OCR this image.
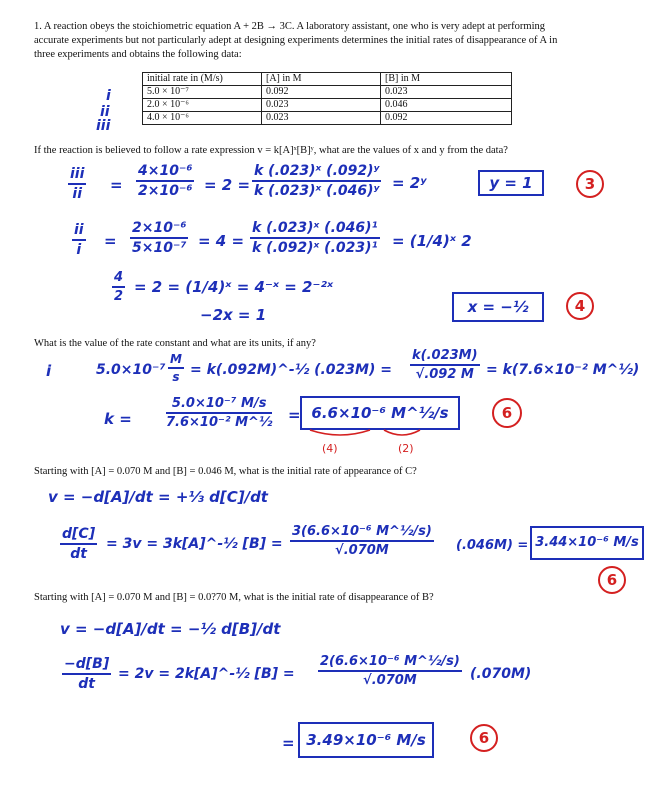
1. A reaction obeys the stoichiometric equation A + 2B → 3C. A laboratory assistant, one who is very adept at performing

accurate experiments but not particularly adept at designing experiments determines the initial rates of disappearance of A in

three experiments and obtains the following data:

i
ii
iii
initial rate in (M/s)	[A] in M	[B] in M
5.0 × 10⁻⁷	0.092	0.023
2.0 × 10⁻⁶	0.023	0.046
4.0 × 10⁻⁶	0.023	0.092

If the reaction is believed to follow a rate expression v = k[A]ˣ[B]ʸ, what are the values of x and y from the data?

iii
ii = $\frac{\text{4×10⁻⁶}}{\text{2×10⁻⁶}} = 2 = \frac{\text{k (.023)ˣ (.092)ʸ}}{\text{k (.023)ˣ (.046)ʸ}}$ = 2ʸ	y = 1	3
$\frac{ii}{i} = \frac{\text{2×10⁻⁶}}{\text{5×10⁻⁷}} = 4 = \frac{\text{k (.023)ˣ (.046)¹}}{\text{k (.092)ˣ (.023)¹}}$ = (1/4)ˣ 2
$\frac{4}{2} = 2$ = (1/4)ˣ = 4⁻ˣ = 2⁻²ˣ
−2x = 1	x = −½	4

What is the value of the rate constant and what are its units, if any?

i	$5.0\times 10^{-7} \frac{M}{s}$ = k(.092M)^-½ $(.023M) = \frac{k(.023M)}{√.092 M} = k(7.6\times 10^{-2}$ M^½)
k =	$\frac{\text{5.0×10⁻⁷ M/s}}{\text{7.6×10⁻² M\textasciicircum{}½}} = 6.6\times 10^{-6}$ M^½/s
(4)	(2)
6

Starting with [A] = 0.070 M and [B] = 0.046 M, what is the initial rate of appearance of C?

v = −d[A]/dt = +⅓ d[C]/dt
$\frac{d[C]}{dt} = 3v$ = 3k[A]^-½ $[B] = \frac{\text{3(6.6×10⁻⁶ M\textasciicircum{}½/s)}}{√.070M} (.046M) = 3.44\times 10^{-6}$ M/s
6

Starting with [A] = 0.070 M and [B] = 0.0?70 M, what is the initial rate of disappearance of B?

v = −d[A]/dt = −½ d[B]/dt
$\frac{-d[B]}{dt} = 2v$ = 2k[A]^-½ $[B] = \frac{\text{2(6.6×10⁻⁶ M\textasciicircum{}½/s)}}{√.070M} (.070M)$
= 3.49×10⁻⁶ M/s	6
